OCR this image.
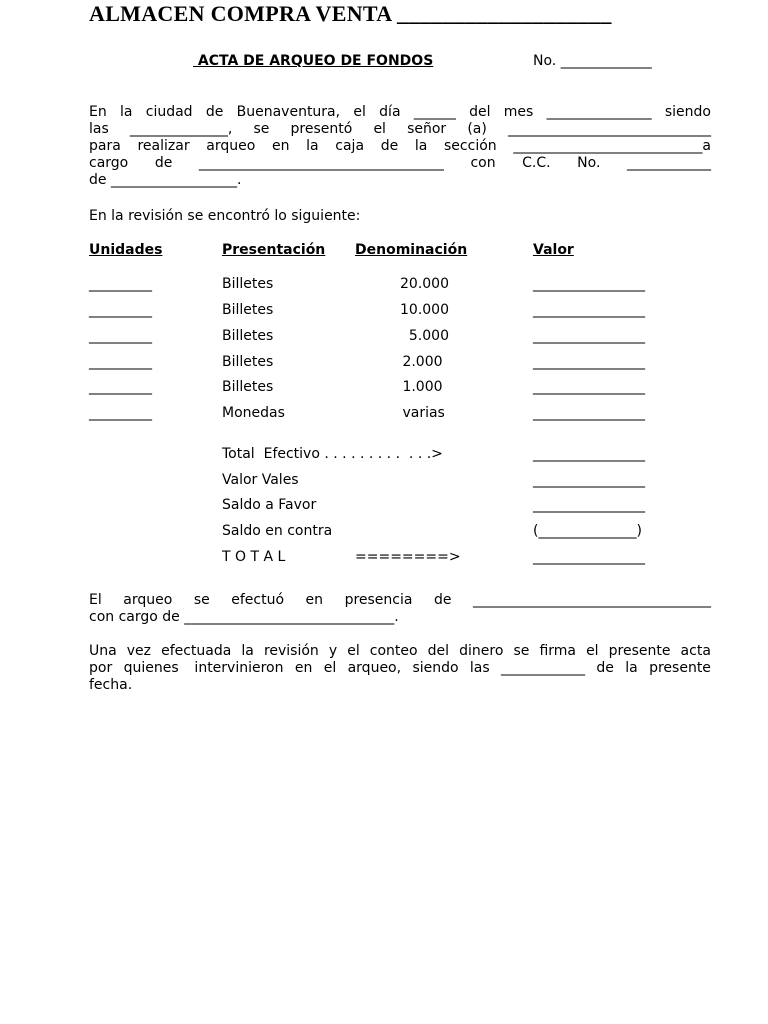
ALMACEN COMPRA VENTA ___________________
ACTA DE ARQUEO DE FONDOS	No. _____________
En la ciudad de Buenaventura, el día ______ del mes _______________ siendo
las ______________, se presentó el señor (a) _____________________________
para realizar arqueo en la caja de la sección ___________________________a
cargo de ___________________________________ con C.C. No. ____________
de __________________.
En la revisión se encontró lo siguiente:
Unidades	Presentación Denominación	Valor
_________	Billetes	20.000	________________
_________	Billetes	10.000	________________
_________	Billetes	5.000	________________
_________	Billetes	2.000	________________
_________	Billetes	1.000	________________
_________	Monedas	varias	________________
Total  Efectivo . . . . . . . . .  . . .>	________________
Valor Vales	________________
Saldo a Favor	________________
Saldo en contra	(______________)
T O T A L	========>	________________
El arqueo se efectuó en presencia de __________________________________
con cargo de ______________________________.
Una vez efectuada la revisión y el conteo del dinero se firma el presente acta
por quienes intervinieron en el arqueo, siendo las ____________ de la presente
fecha.
